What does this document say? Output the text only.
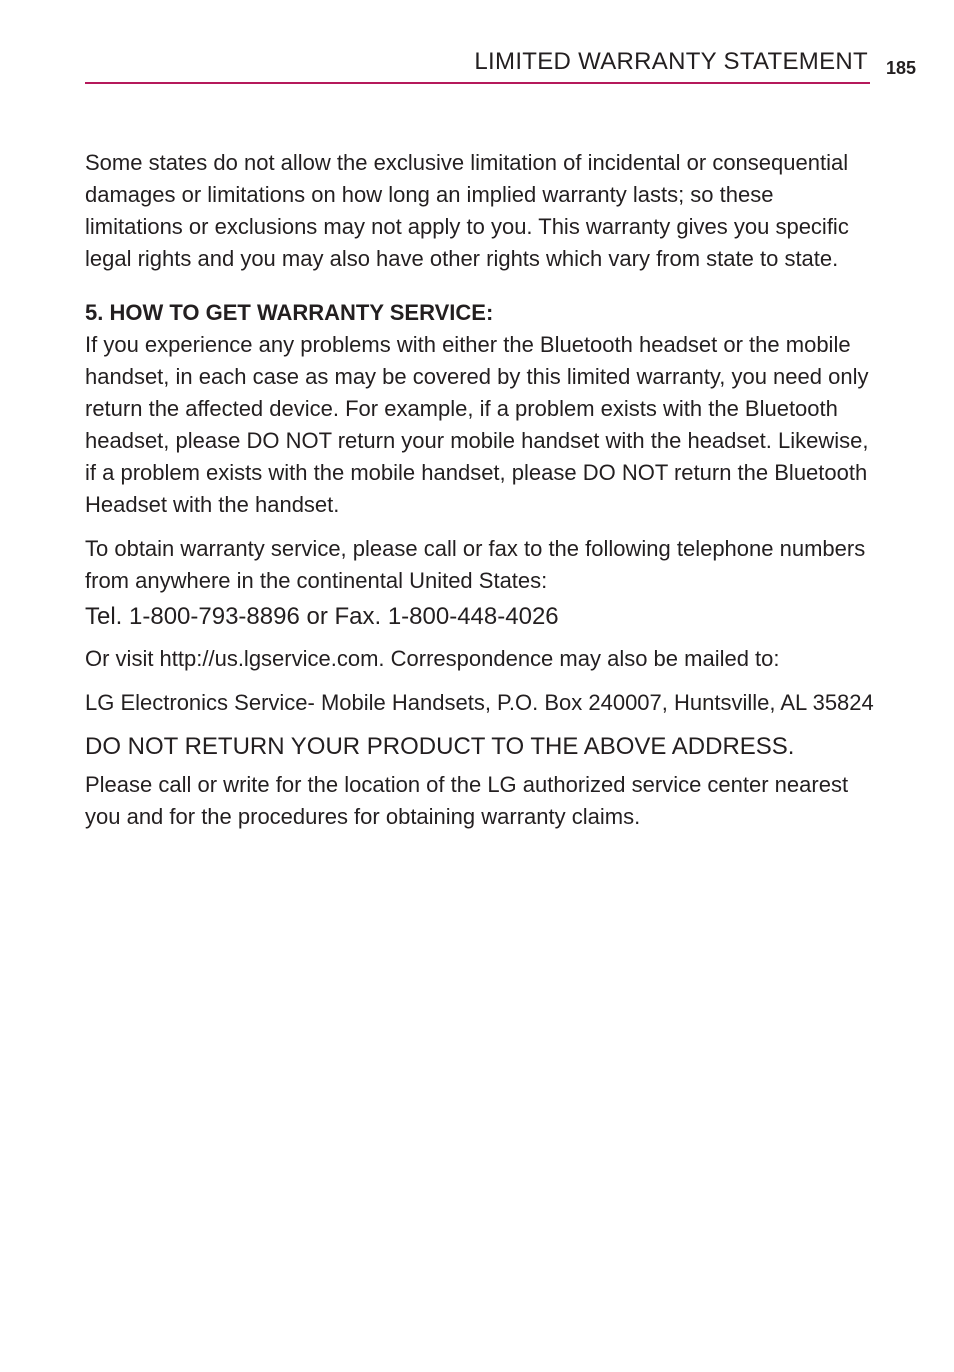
LIMITED WARRANTY STATEMENT 185

Some states do not allow the exclusive limitation of incidental or consequential damages or limitations on how long an implied warranty lasts; so these limitations or exclusions may not apply to you. This warranty gives you specific legal rights and you may also have other rights which vary from state to state.

5. HOW TO GET WARRANTY SERVICE:

If you experience any problems with either the Bluetooth headset or the mobile handset, in each case as may be covered by this limited warranty, you need only return the affected device. For example, if a problem exists with the Bluetooth headset, please DO NOT return your mobile handset with the headset. Likewise, if a problem exists with the mobile handset, please DO NOT return the Bluetooth Headset with the handset.

To obtain warranty service, please call or fax to the following telephone numbers from anywhere in the continental United States:

Tel. 1-800-793-8896 or Fax. 1-800-448-4026

Or visit http://us.lgservice.com. Correspondence may also be mailed to:

LG Electronics Service- Mobile Handsets, P.O. Box 240007, Huntsville, AL 35824

DO NOT RETURN YOUR PRODUCT TO THE ABOVE ADDRESS.

Please call or write for the location of the LG authorized service center nearest you and for the procedures for obtaining warranty claims.
